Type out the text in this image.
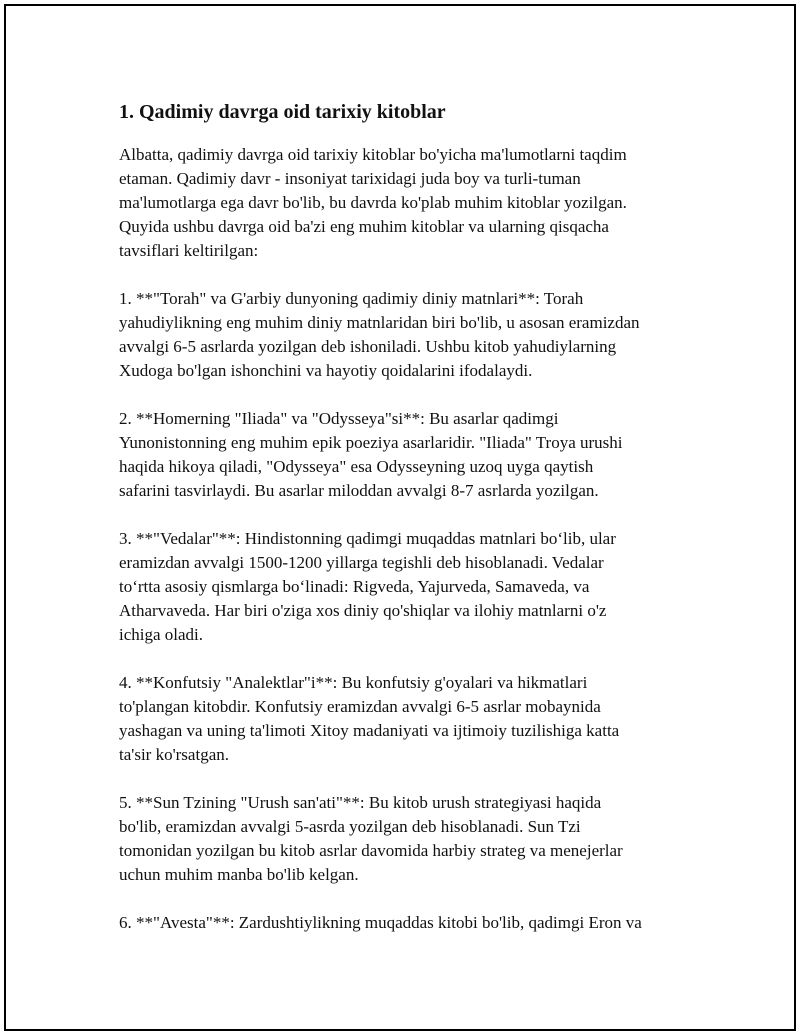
1. Qadimiy davrga oid tarixiy kitoblar

Albatta, qadimiy davrga oid tarixiy kitoblar bo'yicha ma'lumotlarni taqdim
etaman. Qadimiy davr - insoniyat tarixidagi juda boy va turli-tuman
ma'lumotlarga ega davr bo'lib, bu davrda ko'plab muhim kitoblar yozilgan.
Quyida ushbu davrga oid ba'zi eng muhim kitoblar va ularning qisqacha
tavsiflari keltirilgan:

1. **"Torah" va G'arbiy dunyoning qadimiy diniy matnlari**: Torah
yahudiylikning eng muhim diniy matnlaridan biri bo'lib, u asosan eramizdan
avvalgi 6-5 asrlarda yozilgan deb ishoniladi. Ushbu kitob yahudiylarning
Xudoga bo'lgan ishonchini va hayotiy qoidalarini ifodalaydi.

2. **Homerning "Iliada" va "Odysseya"si**: Bu asarlar qadimgi
Yunonistonning eng muhim epik poeziya asarlaridir. "Iliada" Troya urushi
haqida hikoya qiladi, "Odysseya" esa Odysseyning uzoq uyga qaytish
safarini tasvirlaydi. Bu asarlar miloddan avvalgi 8-7 asrlarda yozilgan.

3. **"Vedalar"**: Hindistonning qadimgi muqaddas matnlari bo‘lib, ular
eramizdan avvalgi 1500-1200 yillarga tegishli deb hisoblanadi. Vedalar
to‘rtta asosiy qismlarga bo‘linadi: Rigveda, Yajurveda, Samaveda, va
Atharvaveda. Har biri o'ziga xos diniy qo'shiqlar va ilohiy matnlarni o'z
ichiga oladi.

4. **Konfutsiy "Analektlar"i**: Bu konfutsiy g'oyalari va hikmatlari
to'plangan kitobdir. Konfutsiy eramizdan avvalgi 6-5 asrlar mobaynida
yashagan va uning ta'limoti Xitoy madaniyati va ijtimoiy tuzilishiga katta
ta'sir ko'rsatgan.

5. **Sun Tzining "Urush san'ati"**: Bu kitob urush strategiyasi haqida
bo'lib, eramizdan avvalgi 5-asrda yozilgan deb hisoblanadi. Sun Tzi
tomonidan yozilgan bu kitob asrlar davomida harbiy strateg va menejerlar
uchun muhim manba bo'lib kelgan.

6. **"Avesta"**: Zardushtiylikning muqaddas kitobi bo'lib, qadimgi Eron va
